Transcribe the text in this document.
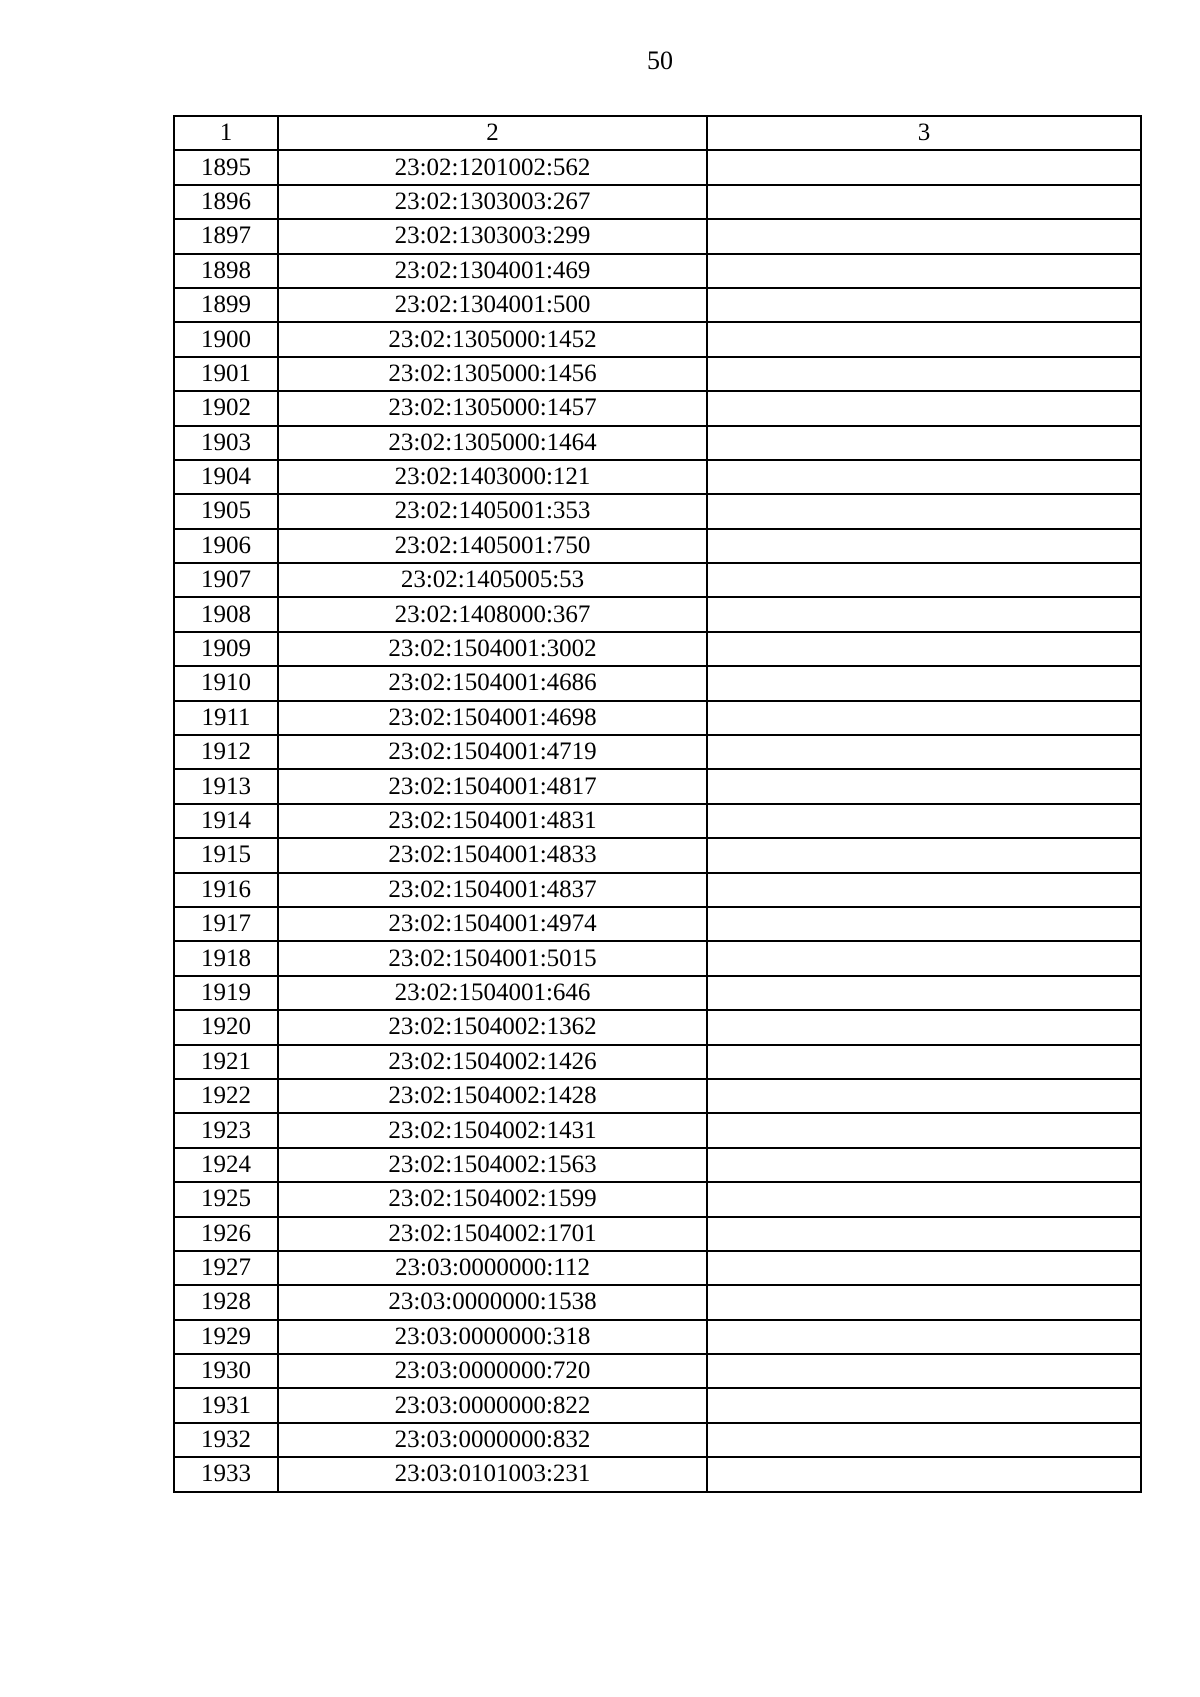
50
1	2	3
1895	23:02:1201002:562	
1896	23:02:1303003:267	
1897	23:02:1303003:299	
1898	23:02:1304001:469	
1899	23:02:1304001:500	
1900	23:02:1305000:1452	
1901	23:02:1305000:1456	
1902	23:02:1305000:1457	
1903	23:02:1305000:1464	
1904	23:02:1403000:121	
1905	23:02:1405001:353	
1906	23:02:1405001:750	
1907	23:02:1405005:53	
1908	23:02:1408000:367	
1909	23:02:1504001:3002	
1910	23:02:1504001:4686	
1911	23:02:1504001:4698	
1912	23:02:1504001:4719	
1913	23:02:1504001:4817	
1914	23:02:1504001:4831	
1915	23:02:1504001:4833	
1916	23:02:1504001:4837	
1917	23:02:1504001:4974	
1918	23:02:1504001:5015	
1919	23:02:1504001:646	
1920	23:02:1504002:1362	
1921	23:02:1504002:1426	
1922	23:02:1504002:1428	
1923	23:02:1504002:1431	
1924	23:02:1504002:1563	
1925	23:02:1504002:1599	
1926	23:02:1504002:1701	
1927	23:03:0000000:112	
1928	23:03:0000000:1538	
1929	23:03:0000000:318	
1930	23:03:0000000:720	
1931	23:03:0000000:822	
1932	23:03:0000000:832	
1933	23:03:0101003:231	
